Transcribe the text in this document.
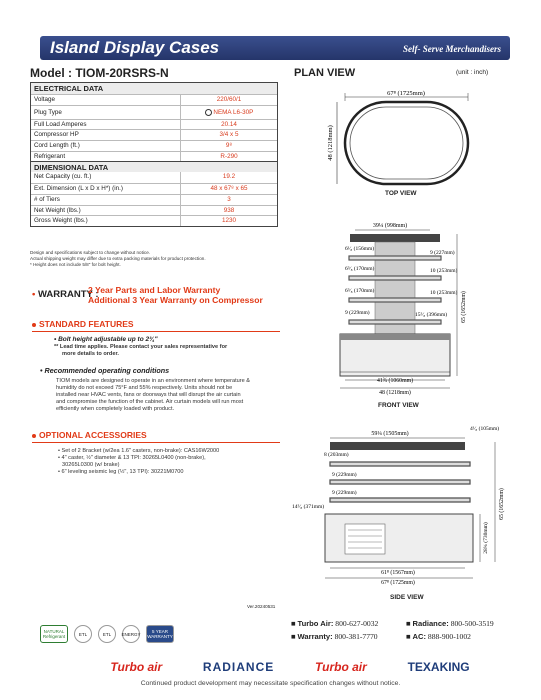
Island Display Cases	Self- Serve Merchandisers
Model : TIOM-20RSRS-N
ELECTRICAL DATA
Voltage	220/60/1
Plug Type	NEMA L6-30P
Full Load Amperes	20.14
Compressor HP	3/4 x 5
Cord Length (ft.)	9⁸
Refrigerant	R-290
DIMENSIONAL DATA
Net Capacity (cu. ft.)	19.2
Ext. Dimension (L x D x H*) (in.)	48 x 67⁸ x 65
# of Tiers	3
Net Weight (lbs.)	938
Gross Weight (lbs.)	1230
Design and specifications subject to change without notice.
Actual shipping weight may differ due to extra packing materials for product protection.
* Height does not include 5/8" for bolt height.
• WARRANTY :
2 Year Parts and Labor Warranty
Additional 3 Year Warranty on Compressor
STANDARD FEATURES
• Bolt height adjustable up to 2¾"
** Lead time applies. Please contact your sales representative for
more details to order.
• Recommended operating conditions
TIOM models are designed to operate in an environment where temperature &
humidity do not exceed 75°F and 55% respectively. Units should not be
installed near HVAC vents, fans or doorways that will disrupt the air curtain
and compromise the function of the cabinet. Air curtain models will run most
efficiently when completely loaded with product.
OPTIONAL ACCESSORIES
• Set of 2 Bracket (w/2ea 1.6" casters, non-brake): CAS16W2000
• 4" caster, ½" diameter & 13 TPI: 30265L0400 (non-brake),
30265L0300 (w/ brake)
• 6" leveling seismic leg (½", 13 TPI): 30221M0700
PLAN VIEW	(unit : inch)
67⁸ (1725mm)
48 (1218mm)
TOP VIEW
39¼ (998mm)
6¹⁄₈ (156mm)
6⁵⁄₈ (170mm)
6⁵⁄₈ (170mm)
9 (227mm)
10 (253mm)
10 (253mm)
9 (229mm)	15⁵⁄₈ (396mm)
41¾ (1060mm)
48 (1218mm)
65 (1652mm)
FRONT VIEW
59¼ (1505mm)
4¹⁄₈ (105mm)
8 (203mm)
9 (229mm)
9 (229mm)
14⁵⁄₈ (371mm)
61⁸ (1567mm)
67⁸ (1725mm)
28¾ (730mm)
65 (1652mm)
SIDE VIEW
Ver.20240531
NATURAL Refrigerant	ETL	ETL	ENERGY	5 YEAR WARRANTY
■ Turbo Air: 800-627-0032	■ Radiance: 800-500-3519
■ Warranty: 800-381-7770	■ AC: 888-900-1002
Turbo air	RADIANCE	Turbo air	TEXAKING
Continued product development may necessitate specification changes without notice.
